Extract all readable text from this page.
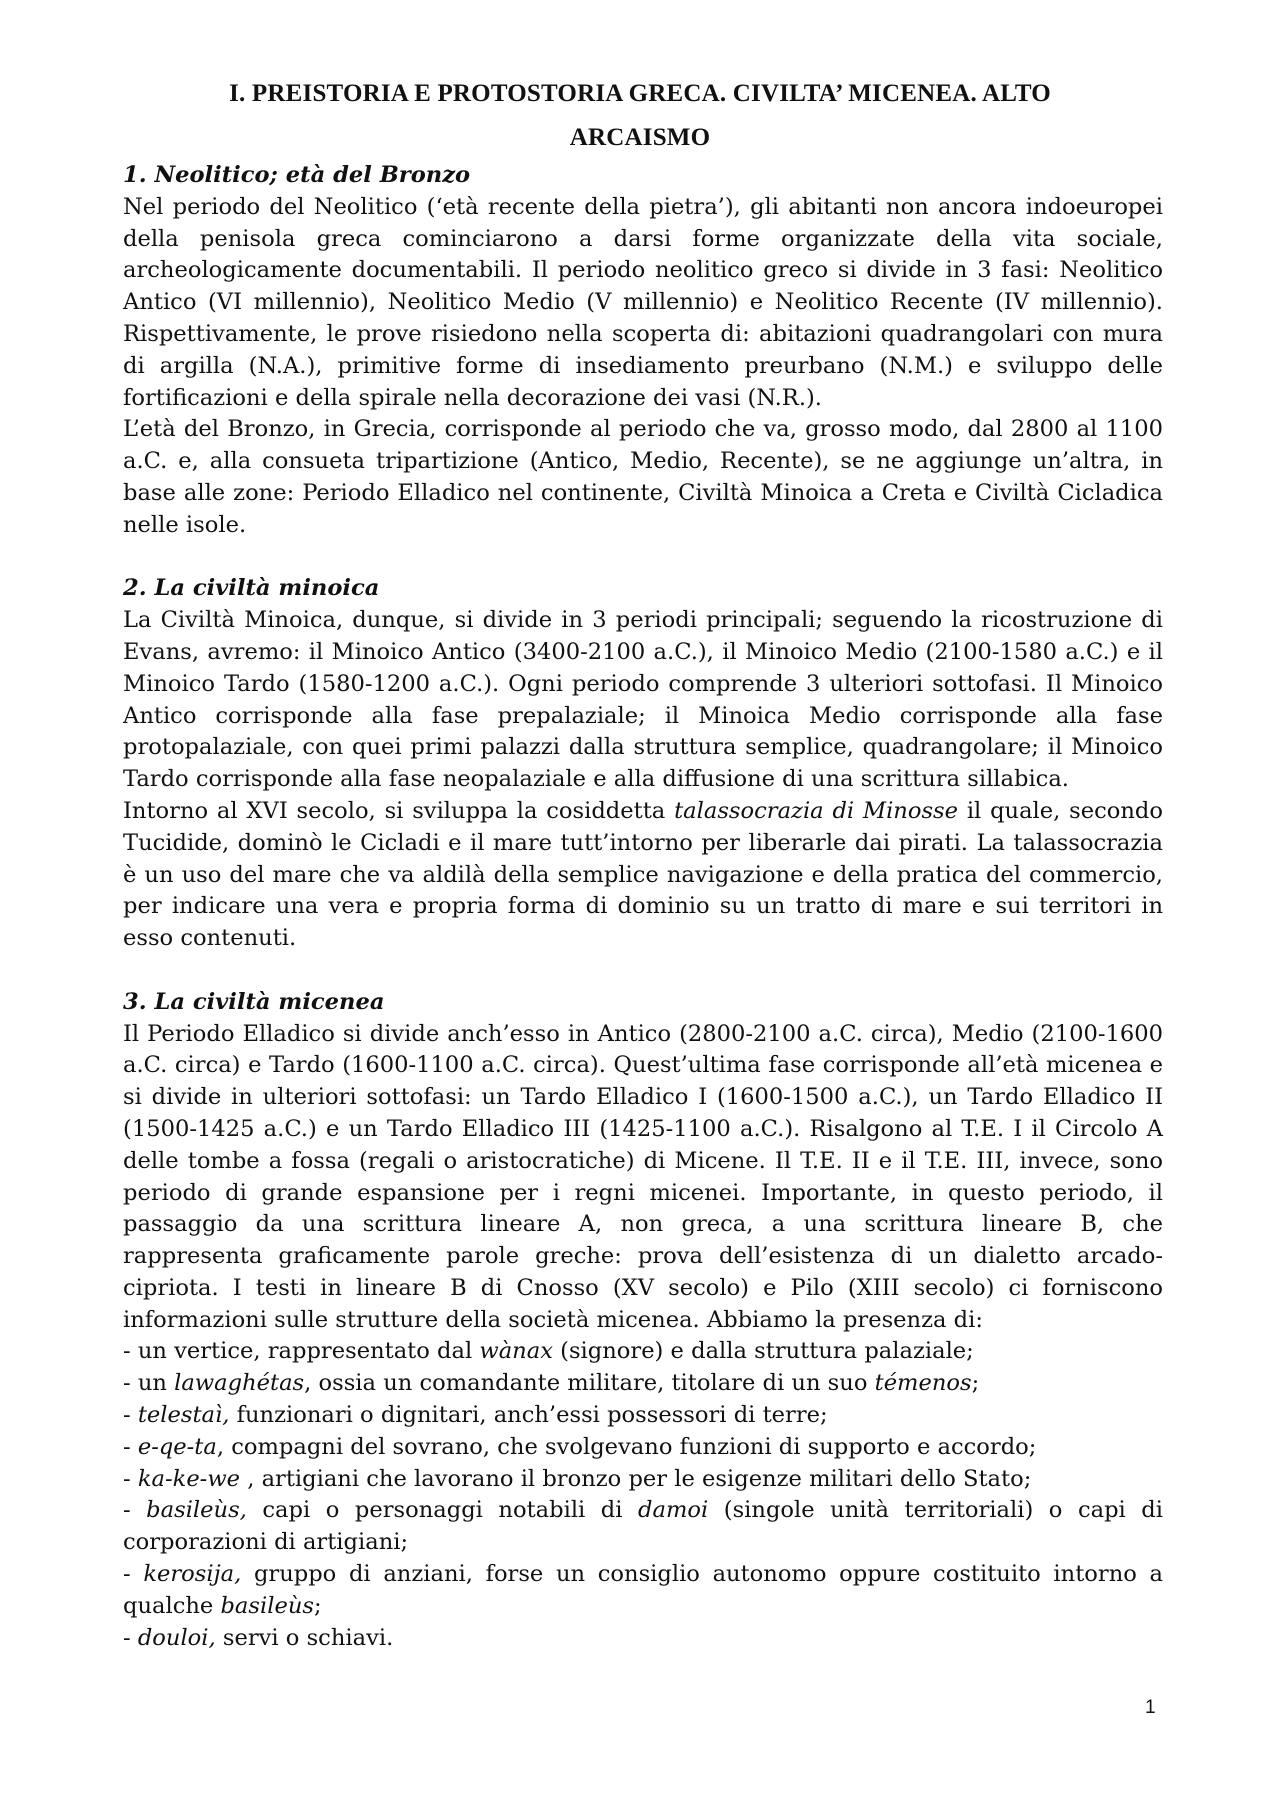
I. PREISTORIA E PROTOSTORIA GRECA. CIVILTA’ MICENEA. ALTO ARCAISMO

1. Neolitico; età del Bronzo

Nel periodo del Neolitico (‘età recente della pietra’), gli abitanti non ancora indoeuropei della penisola greca cominciarono a darsi forme organizzate della vita sociale, archeologicamente documentabili. Il periodo neolitico greco si divide in 3 fasi: Neolitico Antico (VI millennio), Neolitico Medio (V millennio) e Neolitico Recente (IV millennio). Rispettivamente, le prove risiedono nella scoperta di: abitazioni quadrangolari con mura di argilla (N.A.), primitive forme di insediamento preurbano (N.M.) e sviluppo delle fortificazioni e della spirale nella decorazione dei vasi (N.R.).

L’età del Bronzo, in Grecia, corrisponde al periodo che va, grosso modo, dal 2800 al 1100 a.C. e, alla consueta tripartizione (Antico, Medio, Recente), se ne aggiunge un’altra, in base alle zone: Periodo Elladico nel continente, Civiltà Minoica a Creta e Civiltà Cicladica nelle isole.

2. La civiltà minoica

La Civiltà Minoica, dunque, si divide in 3 periodi principali; seguendo la ricostruzione di Evans, avremo: il Minoico Antico (3400-2100 a.C.), il Minoico Medio (2100-1580 a.C.) e il Minoico Tardo (1580-1200 a.C.). Ogni periodo comprende 3 ulteriori sottofasi. Il Minoico Antico corrisponde alla fase prepalaziale; il Minoica Medio corrisponde alla fase protopalaziale, con quei primi palazzi dalla struttura semplice, quadrangolare; il Minoico Tardo corrisponde alla fase neopalaziale e alla diffusione di una scrittura sillabica.

Intorno al XVI secolo, si sviluppa la cosiddetta talassocrazia di Minosse il quale, secondo Tucidide, dominò le Cicladi e il mare tutt’intorno per liberarle dai pirati. La talassocrazia è un uso del mare che va aldilà della semplice navigazione e della pratica del commercio, per indicare una vera e propria forma di dominio su un tratto di mare e sui territori in esso contenuti.

3. La civiltà micenea

Il Periodo Elladico si divide anch’esso in Antico (2800-2100 a.C. circa), Medio (2100-1600 a.C. circa) e Tardo (1600-1100 a.C. circa). Quest’ultima fase corrisponde all’età micenea e si divide in ulteriori sottofasi: un Tardo Elladico I (1600-1500 a.C.), un Tardo Elladico II (1500-1425 a.C.) e un Tardo Elladico III (1425-1100 a.C.). Risalgono al T.E. I il Circolo A delle tombe a fossa (regali o aristocratiche) di Micene. Il T.E. II e il T.E. III, invece, sono periodo di grande espansione per i regni micenei. Importante, in questo periodo, il passaggio da una scrittura lineare A, non greca, a una scrittura lineare B, che rappresenta graficamente parole greche: prova dell’esistenza di un dialetto arcado-cipriota. I testi in lineare B di Cnosso (XV secolo) e Pilo (XIII secolo) ci forniscono informazioni sulle strutture della società micenea. Abbiamo la presenza di:

- un vertice, rappresentato dal wànax (signore) e dalla struttura palaziale;
- un lawaghétas, ossia un comandante militare, titolare di un suo témenos;
- telestaì, funzionari o dignitari, anch’essi possessori di terre;
- e-qe-ta, compagni del sovrano, che svolgevano funzioni di supporto e accordo;
- ka-ke-we , artigiani che lavorano il bronzo per le esigenze militari dello Stato;
- basileùs, capi o personaggi notabili di damoi (singole unità territoriali) o capi di corporazioni di artigiani;
- kerosija, gruppo di anziani, forse un consiglio autonomo oppure costituito intorno a qualche basileùs;
- douloi, servi o schiavi.
1
